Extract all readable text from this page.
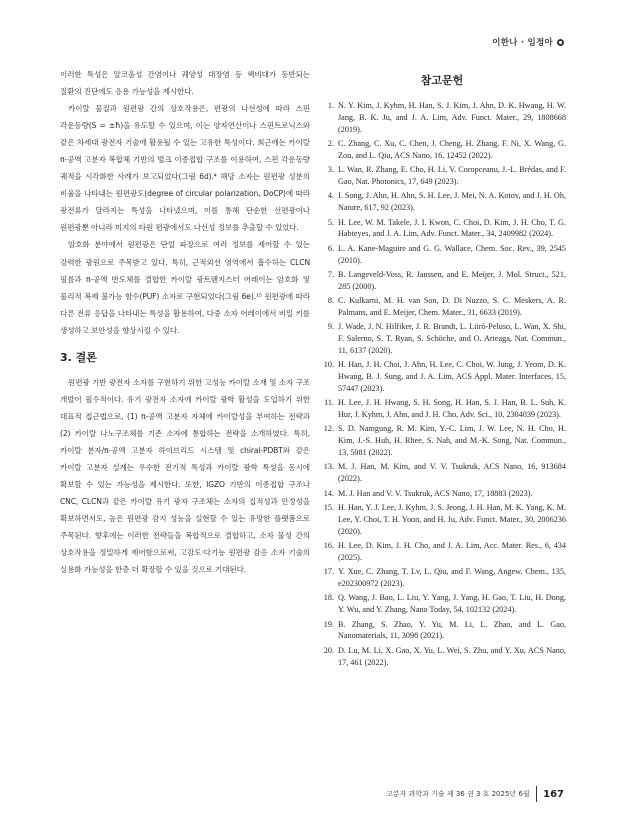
이한나 · 임정아

이러한 특성은 알코올성 간염이나 궤양성 대장염 등 핵비대가 동반되는 질환의 진단에도 응용 가능성을 제시한다.

카이랄 물질과 원편광 간의 상호작용은, 편광의 나선성에 따라 스핀 각운동량(S = ±ħ)을 유도할 수 있으며, 이는 양자연산이나 스핀트로닉스와 같은 차세대 광전자 기술에 활용될 수 있는 고유한 특성이다. 최근에는 카이랄 π-공액 고분자 복합체 기반의 벌크 이종접합 구조를 이용하여, 스핀 각운동량 궤적을 시각화한 사례가 보고되었다(그림 6d).⁴ 해당 소자는 원편광 성분의 비율을 나타내는 원편광도(degree of circular polarization, DoCP)에 따라 광전류가 달라지는 특성을 나타냈으며, 이를 통해 단순한 선편광이나 원편광뿐 아니라 미지의 타원 편광에서도 나선성 정보를 추출할 수 있었다.

암호화 분야에서 원편광은 단일 파장으로 여러 정보를 제어할 수 있는 강력한 광원으로 주목받고 있다. 특히, 근적외선 영역에서 흡수하는 CLCN 필름과 π-공액 반도체를 결합한 카이랄 광트랜지스터 어레이는 암호화 및 물리적 복제 불가능 함수(PUF) 소자로 구현되었다(그림 6e).¹⁵ 원편광에 따라 다른 전류 응답을 나타내는 특성을 활용하여, 다중 소자 어레이에서 비밀 키를 생성하고 보안성을 향상시킬 수 있다.

3. 결론

원편광 기반 광전자 소자를 구현하기 위한 고성능 카이랄 소재 및 소자 구조 개발이 필수적이다. 유기 광전자 소자에 카이랄 광학 활성을 도입하기 위한 대표적 접근법으로, (1) π-공액 고분자 자체에 카이랄성을 부여하는 전략과 (2) 카이랄 나노구조체를 기존 소자에 통합하는 전략을 소개하였다. 특히, 카이랄 분자/π-공액 고분자 하이브리드 시스템 및 chiral-PDBT와 같은 카이랄 고분자 설계는 우수한 전기적 특성과 카이랄 광학 특성을 동시에 확보할 수 있는 가능성을 제시한다. 또한, IGZO 기반의 이종접합 구조나 CNC, CLCN과 같은 카이랄 유기 광자 구조체는 소자의 집적성과 안정성을 확보하면서도, 높은 원편광 감지 성능을 실현할 수 있는 유망한 플랫폼으로 주목된다. 향후에는 이러한 전략들을 복합적으로 결합하고, 소자 물성 간의 상호작용을 정밀하게 제어함으로써, 고감도·다기능 원편광 감응 소자 기술의 실용화 가능성을 한층 더 확장할 수 있을 것으로 기대된다.

참고문헌
1. N. Y. Kim, J. Kyhm, H. Han, S. J. Kim, J. Ahn, D. K. Hwang, H. W. Jang, B. K. Ju, and J. A. Lim, Adv. Funct. Mater., 29, 1808668 (2019).
2. C. Zhang, C. Xu, C. Chen, J. Cheng, H. Zhang, F. Ni, X. Wang, G. Zou, and L. Qiu, ACS Nano, 16, 12452 (2022).
3. L. Wan, R. Zhang, E. Cho, H. Li, V. Coropceanu, J.-L. Brédas, and F. Gao, Nat. Photonics, 17, 649 (2023).
4. I. Song, J. Ahn, H. Ahn, S. H. Lee, J. Mei, N. A. Kotov, and J. H. Oh, Nature, 617, 92 (2023).
5. H. Lee, W. M. Takele, J. I. Kwon, C. Choi, D. Kim, J. H. Cho, T. G. Habteyes, and J. A. Lim, Adv. Funct. Mater., 34, 2409982 (2024).
6. L. A. Kane-Maguire and G. G. Wallace, Chem. Soc. Rev., 39, 2545 (2010).
7. B. Langeveld-Voss, R. Janssen, and E. Meijer, J. Mol. Struct., 521, 285 (2000).
8. C. Kulkarni, M. H. van Son, D. Di Nuzzo, S. C. Meskers, A. R. Palmans, and E. Meijer, Chem. Mater., 31, 6633 (2019).
9. J. Wade, J. N. Hilfiker, J. R. Brandt, L. Liirò-Peluso, L. Wan, X. Shi, F. Salerno, S. T. Ryan, S. Schöche, and O. Arteaga, Nat. Commun., 11, 6137 (2020).
10. H. Han, J. H. Choi, J. Ahn, H. Lee, C. Choi, W. Jung, J. Yeom, D. K. Hwang, B. J. Sung, and J. A. Lim, ACS Appl. Mater. Interfaces, 15, 57447 (2023).
11. H. Lee, J. H. Hwang, S. H. Song, H. Han, S. J. Han, B. L. Suh, K. Hur, J. Kyhm, J. Ahn, and J. H. Cho, Adv. Sci., 10, 2304039 (2023).
12. S. D. Namgung, R. M. Kim, Y.-C. Lim, J. W. Lee, N. H. Cho, H. Kim, J.-S. Huh, H. Rhee, S. Nah, and M.-K. Song, Nat. Commun., 13, 5081 (2022).
13. M. J. Han, M. Kim, and V. V. Tsukruk, ACS Nano, 16, 913684 (2022).
14. M. J. Han and V. V. Tsukruk, ACS Nano, 17, 18883 (2023).
15. H. Han, Y. J. Lee, J. Kyhm, J. S. Jeong, J. H. Han, M. K. Yang, K. M. Lee, Y. Choi, T. H. Yoon, and H. Ju, Adv. Funct. Mater., 30, 2006236 (2020).
16. H. Lee, D. Kim, J. H. Cho, and J. A. Lim, Acc. Mater. Res., 6, 434 (2025).
17. Y. Xue, C. Zhang, T. Lv, L. Qiu, and F. Wang, Angew. Chem., 135, e202300972 (2023).
18. Q. Wang, J. Bao, L. Liu, Y. Yang, J. Yang, H. Gao, T. Liu, H. Dong, Y. Wu, and Y. Zhang, Nano Today, 54, 102132 (2024).
19. B. Zhang, S. Zhao, Y. Yu, M. Li, L. Zhao, and L. Gao, Nanomaterials, 11, 3098 (2021).
20. D. Lu, M. Li, X. Gao, X. Yu, L. Wei, S. Zhu, and Y. Xu, ACS Nano, 17, 461 (2022).
고분자 과학과 기술 제 36 권 3 호 2025년 6월 167
